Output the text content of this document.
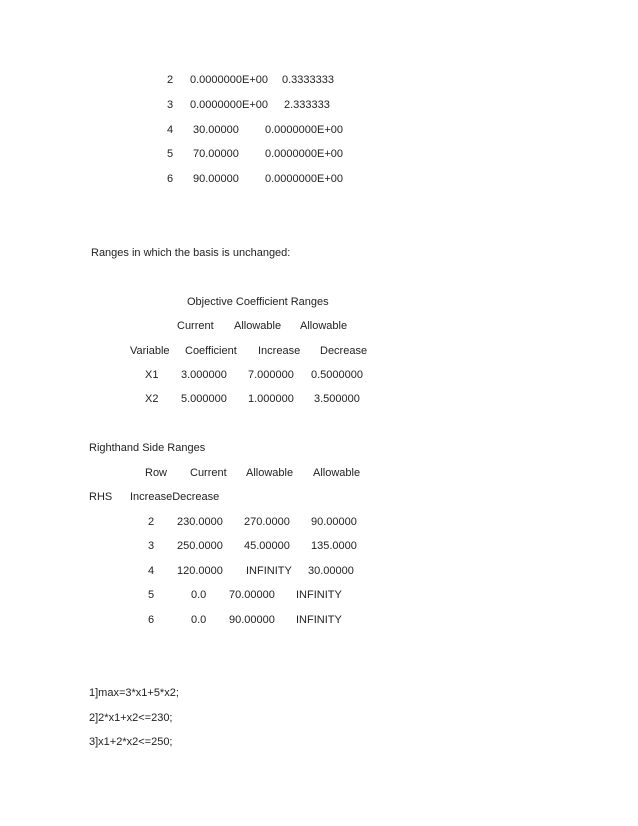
2 0.0000000E+00 0.3333333
3 0.0000000E+00 2.333333
4 30.00000 0.0000000E+00
5 70.00000 0.0000000E+00
6 90.00000 0.0000000E+00
Ranges in which the basis is unchanged:
Objective Coefficient Ranges
Current Allowable Allowable
Variable Coefficient Increase Decrease
X1 3.000000 7.000000 0.5000000
X2 5.000000 1.000000 3.500000
Righthand Side Ranges
Row Current Allowable Allowable
RHS IncreaseDecrease
2 230.0000 270.0000 90.00000
3 250.0000 45.00000 135.0000
4 120.0000 INFINITY 30.00000
5	0.0 70.00000 INFINITY
6	0.0 90.00000 INFINITY
1]max=3*x1+5*x2;
2]2*x1+x2<=230;
3]x1+2*x2<=250;
